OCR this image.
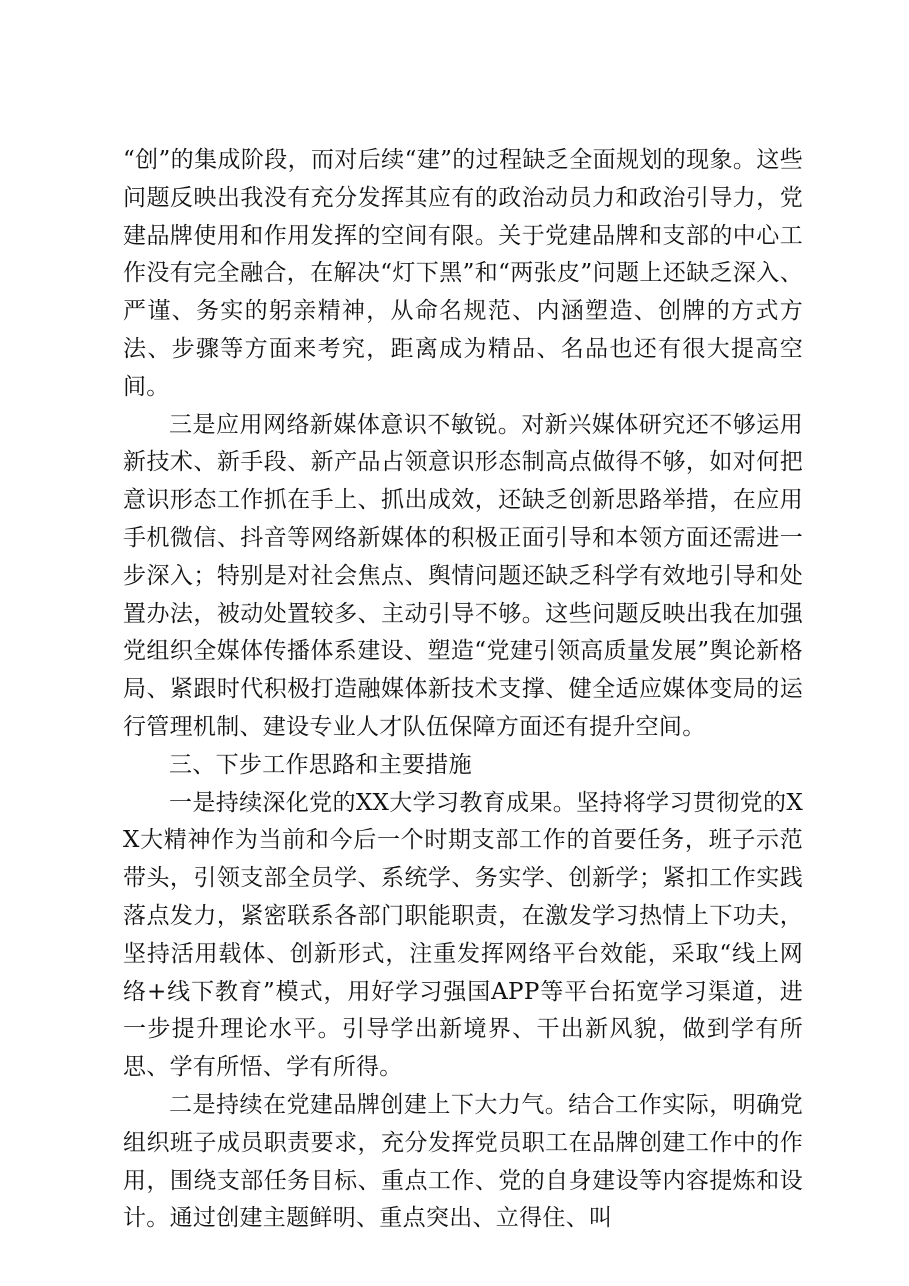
“创”的集成阶段，而对后续“建”的过程缺乏全面规划的现象。这些问题反映出我没有充分发挥其应有的政治动员力和政治引导力，党建品牌使用和作用发挥的空间有限。关于党建品牌和支部的中心工作没有完全融合，在解决“灯下黑”和“两张皮”问题上还缺乏深入、严谨、务实的躬亲精神，从命名规范、内涵塑造、创牌的方式方法、步骤等方面来考究，距离成为精品、名品也还有很大提高空间。

三是应用网络新媒体意识不敏锐。对新兴媒体研究还不够运用新技术、新手段、新产品占领意识形态制高点做得不够，如对何把意识形态工作抓在手上、抓出成效，还缺乏创新思路举措，在应用手机微信、抖音等网络新媒体的积极正面引导和本领方面还需进一步深入；特别是对社会焦点、舆情问题还缺乏科学有效地引导和处置办法，被动处置较多、主动引导不够。这些问题反映出我在加强党组织全媒体传播体系建设、塑造“党建引领高质量发展”舆论新格局、紧跟时代积极打造融媒体新技术支撑、健全适应媒体变局的运行管理机制、建设专业人才队伍保障方面还有提升空间。

三、下步工作思路和主要措施

一是持续深化党的XX大学习教育成果。坚持将学习贯彻党的XX大精神作为当前和今后一个时期支部工作的首要任务，班子示范带头，引领支部全员学、系统学、务实学、创新学；紧扣工作实践落点发力，紧密联系各部门职能职责，在激发学习热情上下功夫，坚持活用载体、创新形式，注重发挥网络平台效能，采取“线上网络+线下教育”模式，用好学习强国APP等平台拓宽学习渠道，进一步提升理论水平。引导学出新境界、干出新风貌，做到学有所思、学有所悟、学有所得。

二是持续在党建品牌创建上下大力气。结合工作实际，明确党组织班子成员职责要求，充分发挥党员职工在品牌创建工作中的作用，围绕支部任务目标、重点工作、党的自身建设等内容提炼和设计。通过创建主题鲜明、重点突出、立得住、叫
